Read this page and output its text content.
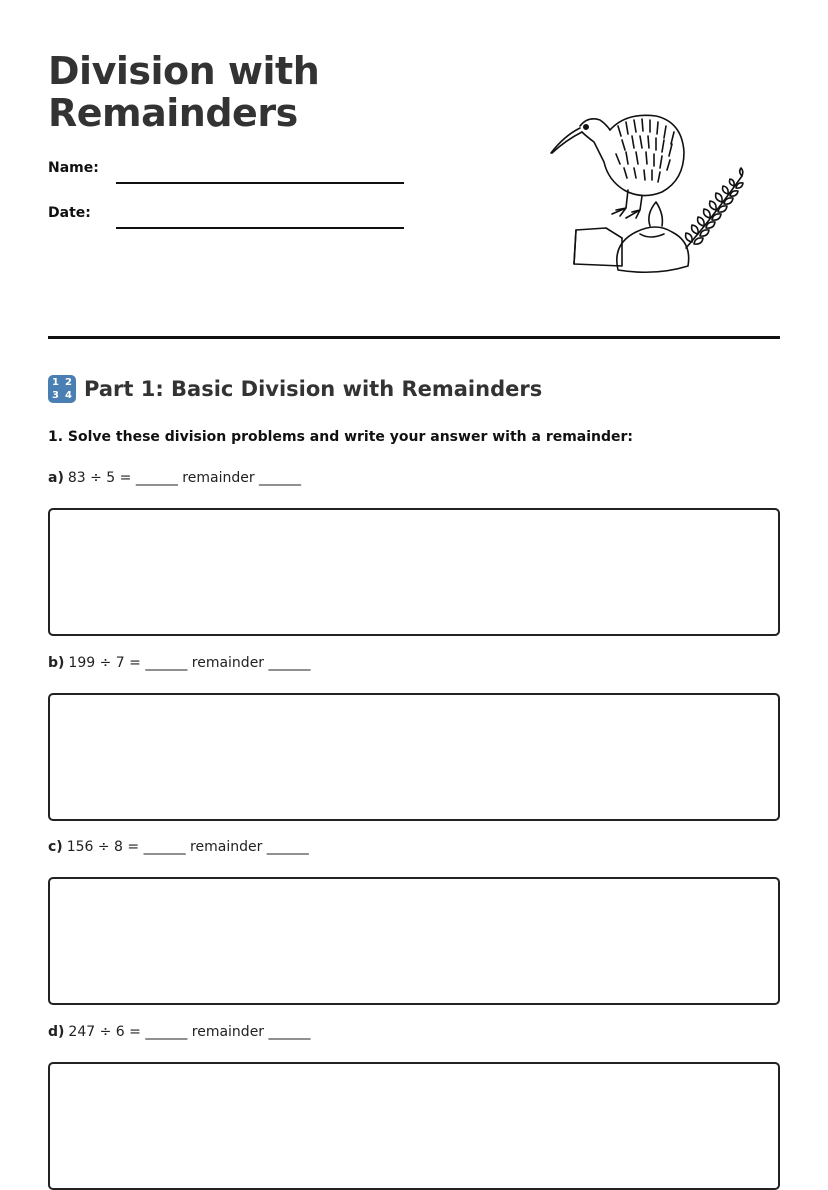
Division with Remainders
Name:
Date:
1 2
3 4 Part 1: Basic Division with Remainders

1. Solve these division problems and write your answer with a remainder:

a) 83 ÷ 5 = ______ remainder ______
b) 199 ÷ 7 = ______ remainder ______
c) 156 ÷ 8 = ______ remainder ______
d) 247 ÷ 6 = ______ remainder ______
